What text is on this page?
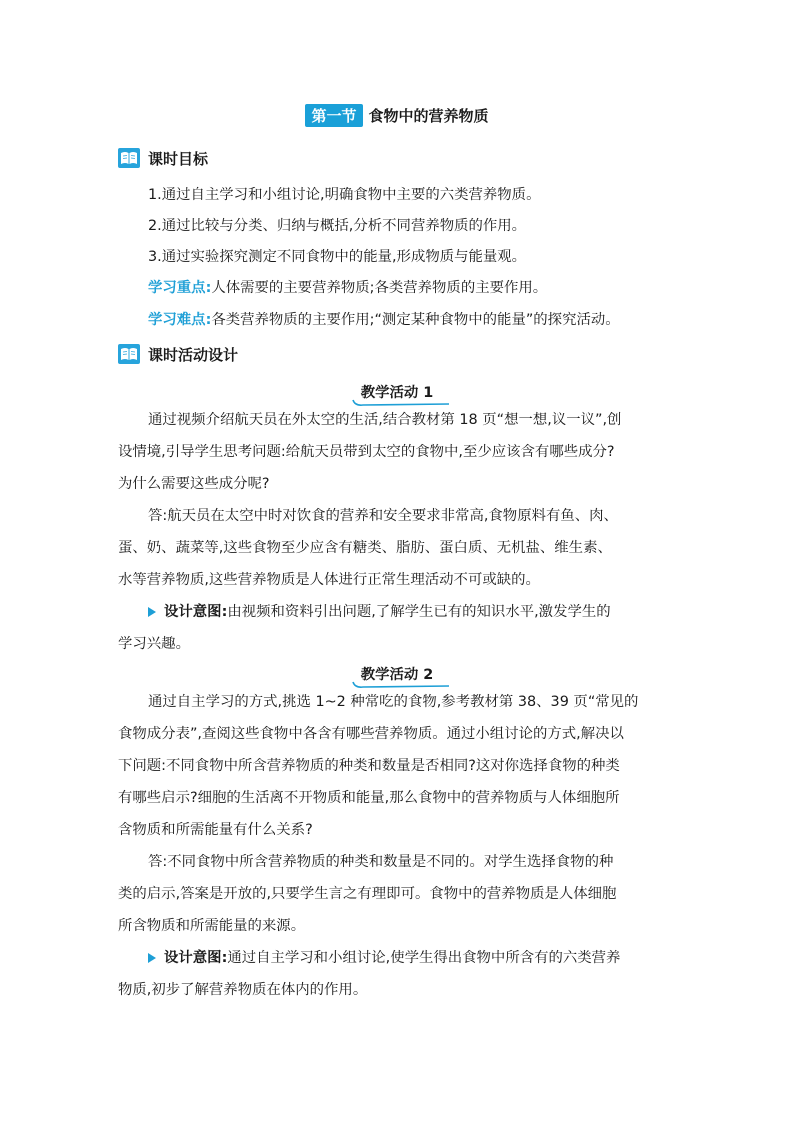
第一节 食物中的营养物质
课时目标
1.通过自主学习和小组讨论,明确食物中主要的六类营养物质。
2.通过比较与分类、归纳与概括,分析不同营养物质的作用。
3.通过实验探究测定不同食物中的能量,形成物质与能量观。
学习重点:人体需要的主要营养物质;各类营养物质的主要作用。
学习难点:各类营养物质的主要作用;“测定某种食物中的能量”的探究活动。
课时活动设计
教学活动 1
通过视频介绍航天员在外太空的生活,结合教材第 18 页“想一想,议一议”,创
设情境,引导学生思考问题:给航天员带到太空的食物中,至少应该含有哪些成分?
为什么需要这些成分呢?
答:航天员在太空中时对饮食的营养和安全要求非常高,食物原料有鱼、肉、
蛋、奶、蔬菜等,这些食物至少应含有糖类、脂肪、蛋白质、无机盐、维生素、
水等营养物质,这些营养物质是人体进行正常生理活动不可或缺的。
设计意图: 由视频和资料引出问题,了解学生已有的知识水平,激发学生的
学习兴趣。
教学活动 2
通过自主学习的方式,挑选 1~2 种常吃的食物,参考教材第 38、39 页“常见的
食物成分表”,查阅这些食物中各含有哪些营养物质。通过小组讨论的方式,解决以
下问题:不同食物中所含营养物质的种类和数量是否相同?这对你选择食物的种类
有哪些启示?细胞的生活离不开物质和能量,那么食物中的营养物质与人体细胞所
含物质和所需能量有什么关系?
答:不同食物中所含营养物质的种类和数量是不同的。对学生选择食物的种
类的启示,答案是开放的,只要学生言之有理即可。食物中的营养物质是人体细胞
所含物质和所需能量的来源。
设计意图: 通过自主学习和小组讨论,使学生得出食物中所含有的六类营养
物质,初步了解营养物质在体内的作用。
